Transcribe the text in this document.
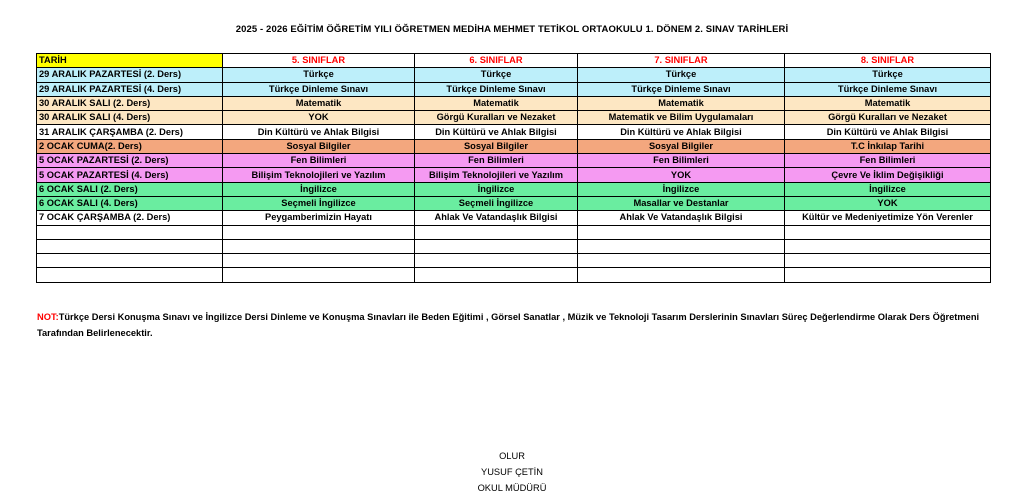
2025 - 2026 EĞİTİM ÖĞRETİM YILI ÖĞRETMEN MEDİHA MEHMET TETİKOL ORTAOKULU 1. DÖNEM 2. SINAV TARİHLERİ
TARİH	5. SINIFLAR	6. SINIFLAR	7. SINIFLAR	8. SINIFLAR
29 ARALIK PAZARTESİ (2. Ders)	Türkçe	Türkçe	Türkçe	Türkçe
29 ARALIK PAZARTESİ (4. Ders)	Türkçe Dinleme Sınavı	Türkçe Dinleme Sınavı	Türkçe Dinleme Sınavı	Türkçe Dinleme Sınavı
30 ARALIK SALI (2. Ders)	Matematik	Matematik	Matematik	Matematik
30 ARALIK SALI (4. Ders)	YOK	Görgü Kuralları ve Nezaket	Matematik ve Bilim Uygulamaları	Görgü Kuralları ve Nezaket
31 ARALIK ÇARŞAMBA (2. Ders)	Din Kültürü ve Ahlak Bilgisi	Din Kültürü ve Ahlak Bilgisi	Din Kültürü ve Ahlak Bilgisi	Din Kültürü ve Ahlak Bilgisi
2 OCAK CUMA(2. Ders)	Sosyal Bilgiler	Sosyal Bilgiler	Sosyal Bilgiler	T.C İnkılap Tarihi
5 OCAK PAZARTESİ (2. Ders)	Fen Bilimleri	Fen Bilimleri	Fen Bilimleri	Fen Bilimleri
5 OCAK PAZARTESİ (4. Ders)	Bilişim Teknolojileri ve Yazılım	Bilişim Teknolojileri ve Yazılım	YOK	Çevre Ve İklim Değişikliği
6 OCAK SALI (2. Ders)	İngilizce	İngilizce	İngilizce	İngilizce
6 OCAK SALI (4. Ders)	Seçmeli İngilizce	Seçmeli İngilizce	Masallar ve Destanlar	YOK
7 OCAK ÇARŞAMBA (2. Ders)	Peygamberimizin Hayatı	Ahlak Ve Vatandaşlık Bilgisi	Ahlak Ve Vatandaşlık Bilgisi	Kültür ve Medeniyetimize Yön Verenler

NOT:Türkçe Dersi Konuşma Sınavı ve İngilizce Dersi Dinleme ve Konuşma Sınavları ile Beden Eğitimi , Görsel Sanatlar , Müzik ve Teknoloji Tasarım Derslerinin Sınavları Süreç Değerlendirme Olarak Ders Öğretmeni Tarafından Belirlenecektir.
OLUR
YUSUF ÇETİN
OKUL MÜDÜRÜ
